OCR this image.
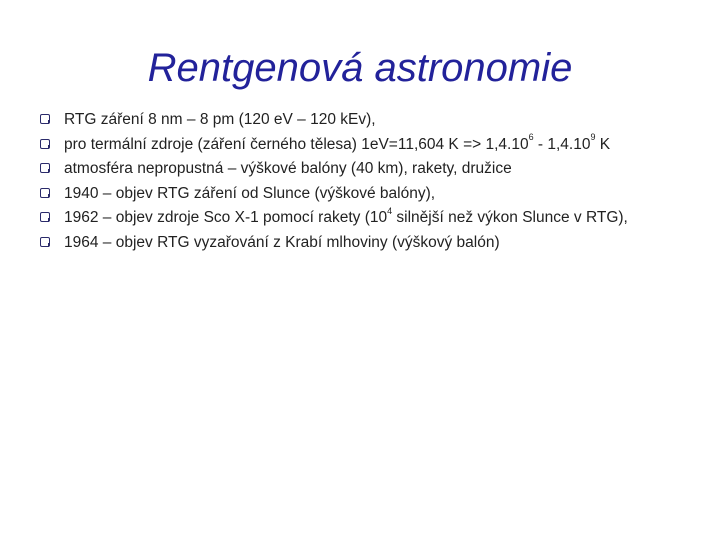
Rentgenová astronomie
RTG záření 8 nm – 8 pm (120 eV – 120 kEv),
pro termální zdroje (záření černého tělesa) 1eV=11,604 $K => 1,4.10^6 - 1,4.10^9$ K
atmosféra nepropustná – výškové balóny (40 km), rakety, družice
1940 – objev RTG záření od Slunce (výškové balóny),
1962 – objev zdroje Sco X-1 pomocí rakety ($10^4$ silnější než výkon Slunce v RTG),
1964 – objev RTG vyzařování z Krabí mlhoviny (výškový balón)
